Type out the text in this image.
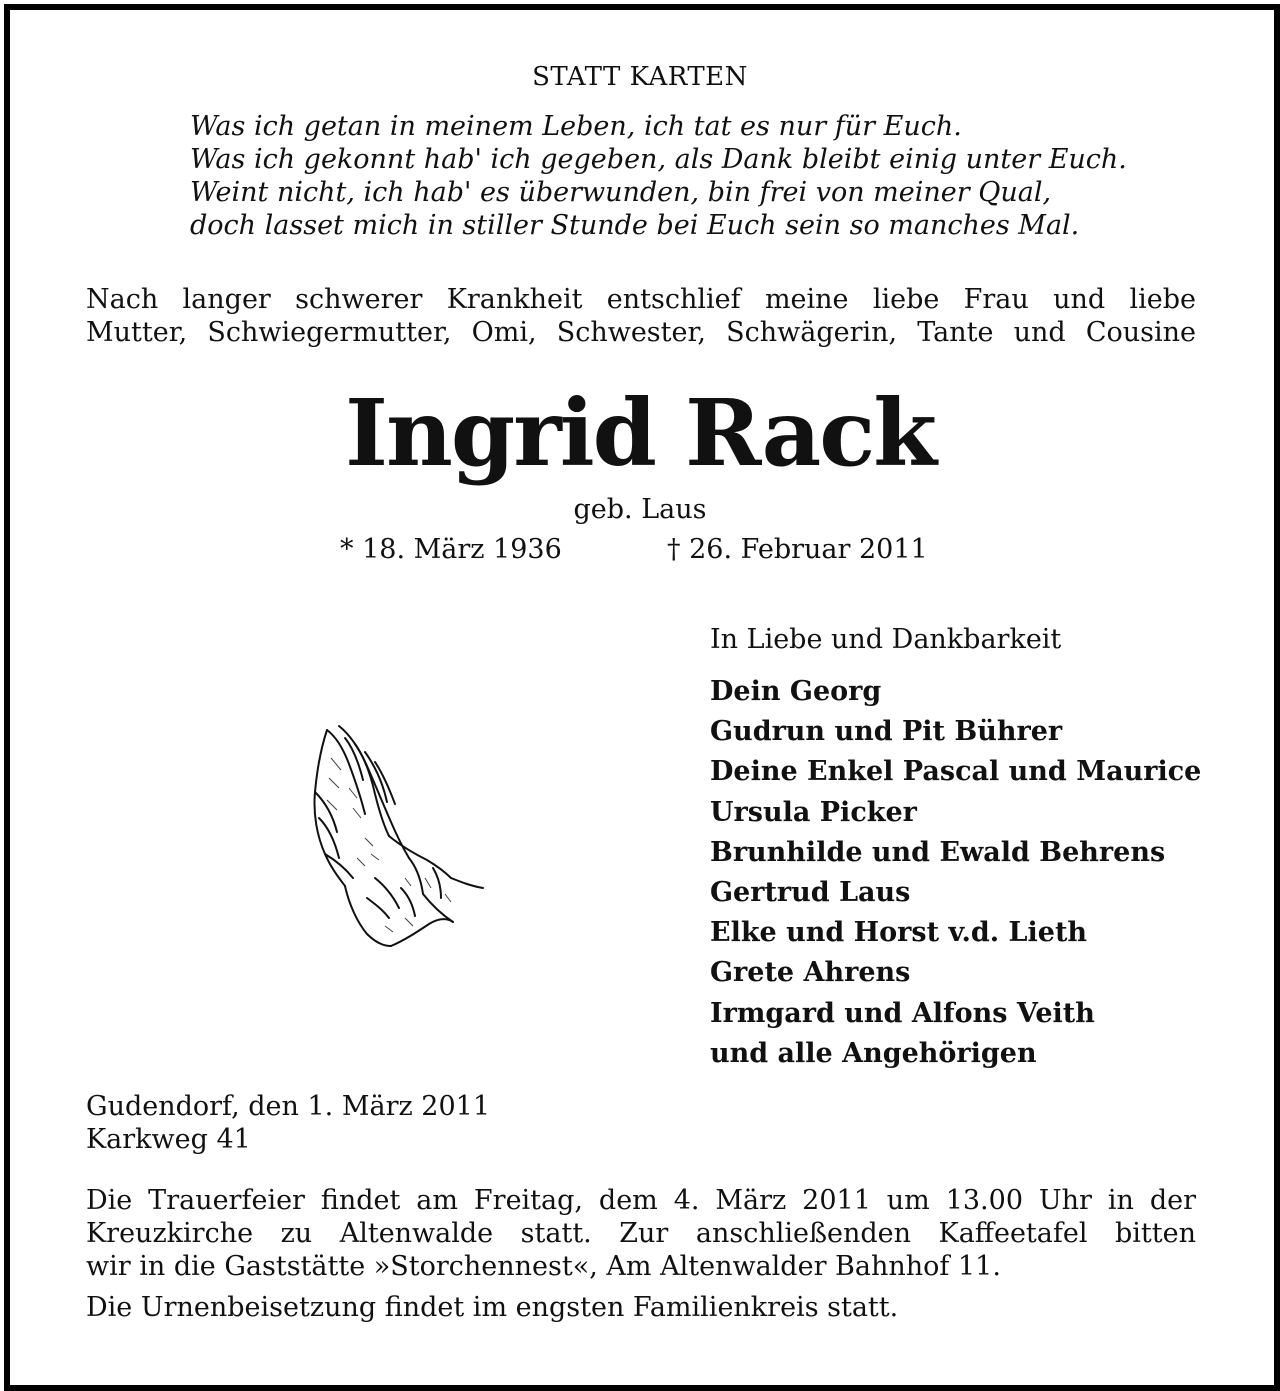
STATT KARTEN
Was ich getan in meinem Leben, ich tat es nur für Euch.
Was ich gekonnt hab' ich gegeben, als Dank bleibt einig unter Euch.
Weint nicht, ich hab' es überwunden, bin frei von meiner Qual,
doch lasset mich in stiller Stunde bei Euch sein so manches Mal.
Nach langer schwerer Krankheit entschlief meine liebe Frau und liebe
Mutter, Schwiegermutter, Omi, Schwester, Schwägerin, Tante und Cousine
Ingrid Rack
geb. Laus
* 18. März 1936	† 26. Februar 2011
In Liebe und Dankbarkeit
Dein Georg
Gudrun und Pit Bührer
Deine Enkel Pascal und Maurice
Ursula Picker
Brunhilde und Ewald Behrens
Gertrud Laus
Elke und Horst v.d. Lieth
Grete Ahrens
Irmgard und Alfons Veith
und alle Angehörigen
Gudendorf, den 1. März 2011
Karkweg 41
Die Trauerfeier findet am Freitag, dem 4. März 2011 um 13.00 Uhr in der
Kreuzkirche zu Altenwalde statt. Zur anschließenden Kaffeetafel bitten
wir in die Gaststätte »Storchennest«, Am Altenwalder Bahnhof 11.
Die Urnenbeisetzung findet im engsten Familienkreis statt.
